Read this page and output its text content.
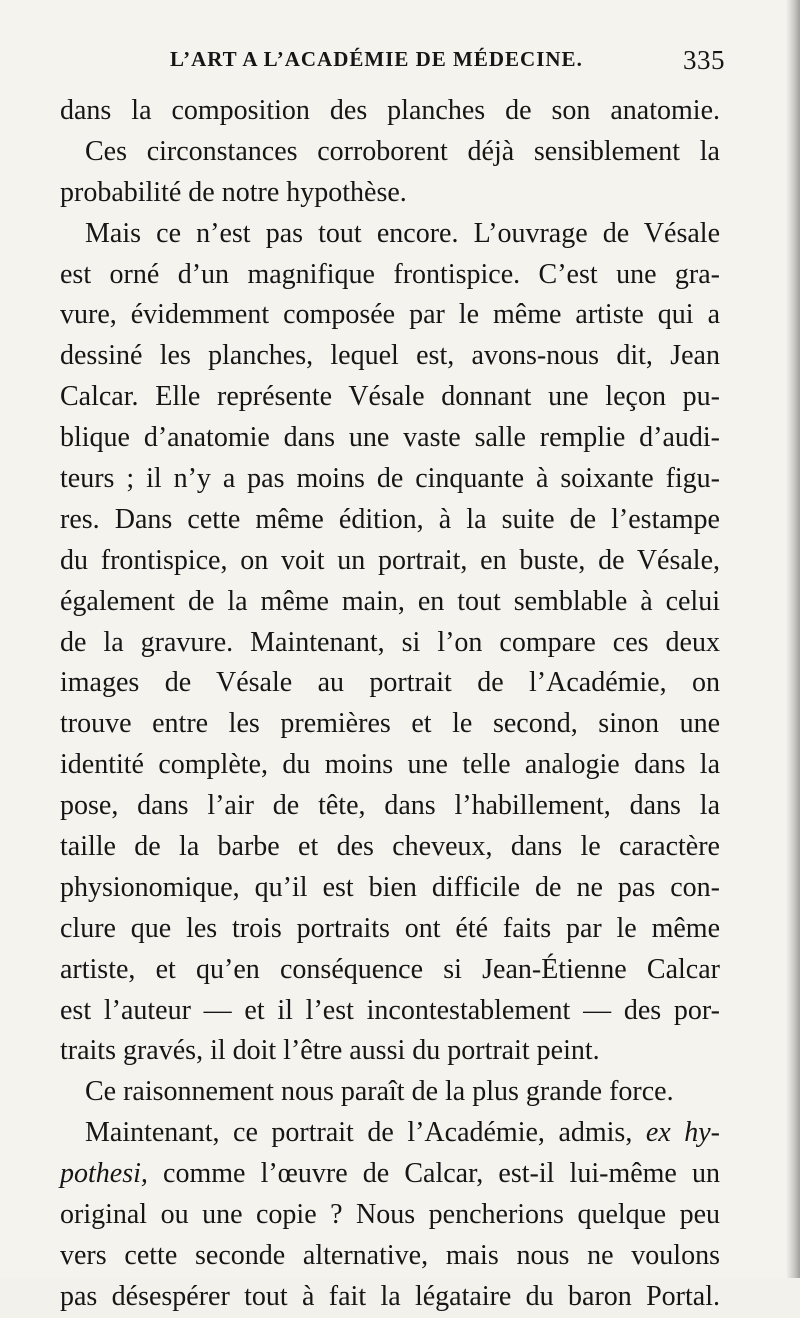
L’ART A L’ACADÉMIE DE MÉDECINE.	335
dans la composition des planches de son anatomie.
Ces circonstances corroborent déjà sensiblement la
probabilité de notre hypothèse.
Mais ce n’est pas tout encore. L’ouvrage de Vésale
est orné d’un magnifique frontispice. C’est une gra-
vure, évidemment composée par le même artiste qui a
dessiné les planches, lequel est, avons-nous dit, Jean
Calcar. Elle représente Vésale donnant une leçon pu-
blique d’anatomie dans une vaste salle remplie d’audi-
teurs ; il n’y a pas moins de cinquante à soixante figu-
res. Dans cette même édition, à la suite de l’estampe
du frontispice, on voit un portrait, en buste, de Vésale,
également de la même main, en tout semblable à celui
de la gravure. Maintenant, si l’on compare ces deux
images de Vésale au portrait de l’Académie, on
trouve entre les premières et le second, sinon une
identité complète, du moins une telle analogie dans la
pose, dans l’air de tête, dans l’habillement, dans la
taille de la barbe et des cheveux, dans le caractère
physionomique, qu’il est bien difficile de ne pas con-
clure que les trois portraits ont été faits par le même
artiste, et qu’en conséquence si Jean-Étienne Calcar
est l’auteur — et il l’est incontestablement — des por-
traits gravés, il doit l’être aussi du portrait peint.
Ce raisonnement nous paraît de la plus grande force.
Maintenant, ce portrait de l’Académie, admis, ex hy-
pothesi, comme l’œuvre de Calcar, est-il lui-même un
original ou une copie ? Nous pencherions quelque peu
vers cette seconde alternative, mais nous ne voulons
pas désespérer tout à fait la légataire du baron Portal.
